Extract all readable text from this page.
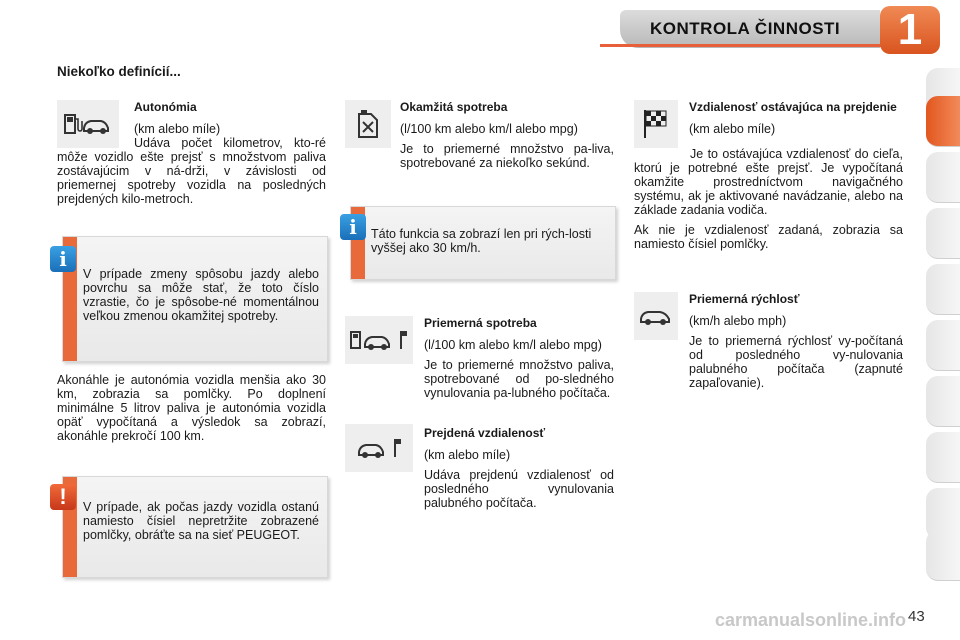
KONTROLA ČINNOSTI	1
Niekoľko definícií...
Autonómia

(km alebo míle)

Udáva počet kilometrov, kto-ré môže vozidlo ešte prejsť s množstvom paliva zostávajúcim v ná-drži, v závislosti od priemernej spotreby vozidla na posledných prejdených kilo-metroch.
V prípade zmeny spôsobu jazdy alebo povrchu sa môže stať, že toto číslo vzrastie, čo je spôsobe-né momentálnou veľkou zmenou okamžitej spotreby.
i
Akonáhle je autonómia vozidla menšia ako 30 km, zobrazia sa pomlčky. Po doplnení minimálne 5 litrov paliva je autonómia vozidla opäť vypočítaná a výsledok sa zobrazí, akonáhle prekročí 100 km.
V prípade, ak počas jazdy vozidla ostanú namiesto čísiel nepretržite zobrazené pomlčky, obráťte sa na sieť PEUGEOT.
!
Okamžitá spotreba

(l/100 km alebo km/l alebo mpg)

Je to priemerné množstvo pa-liva, spotrebované za niekoľko sekúnd.

Táto funkcia sa zobrazí len pri rých-losti vyššej ako 30 km/h.
i
Priemerná spotreba

(l/100 km alebo km/l alebo mpg)

Je to priemerné množstvo paliva, spotrebované od po-sledného vynulovania pa-lubného počítača.

Prejdená vzdialenosť

(km alebo míle)

Udáva prejdenú vzdialenosť od posledného vynulovania palubného počítača.

Vzdialenosť ostávajúca na prejdenie

(km alebo míle)

Je to ostávajúca vzdialenosť do cieľa, ktorú je potrebné ešte prejsť. Je vypočítaná okamžite prostredníctvom navigačného systému, ak je aktivované navádzanie, alebo na základe zadania vodiča.

Ak nie je vzdialenosť zadaná, zobrazia sa namiesto čísiel pomlčky.

Priemerná rýchlosť

(km/h alebo mph)

Je to priemerná rýchlosť vy-počítaná od posledného vy-nulovania palubného počítača (zapnuté zapaľovanie).

carmanualsonline.info 43
